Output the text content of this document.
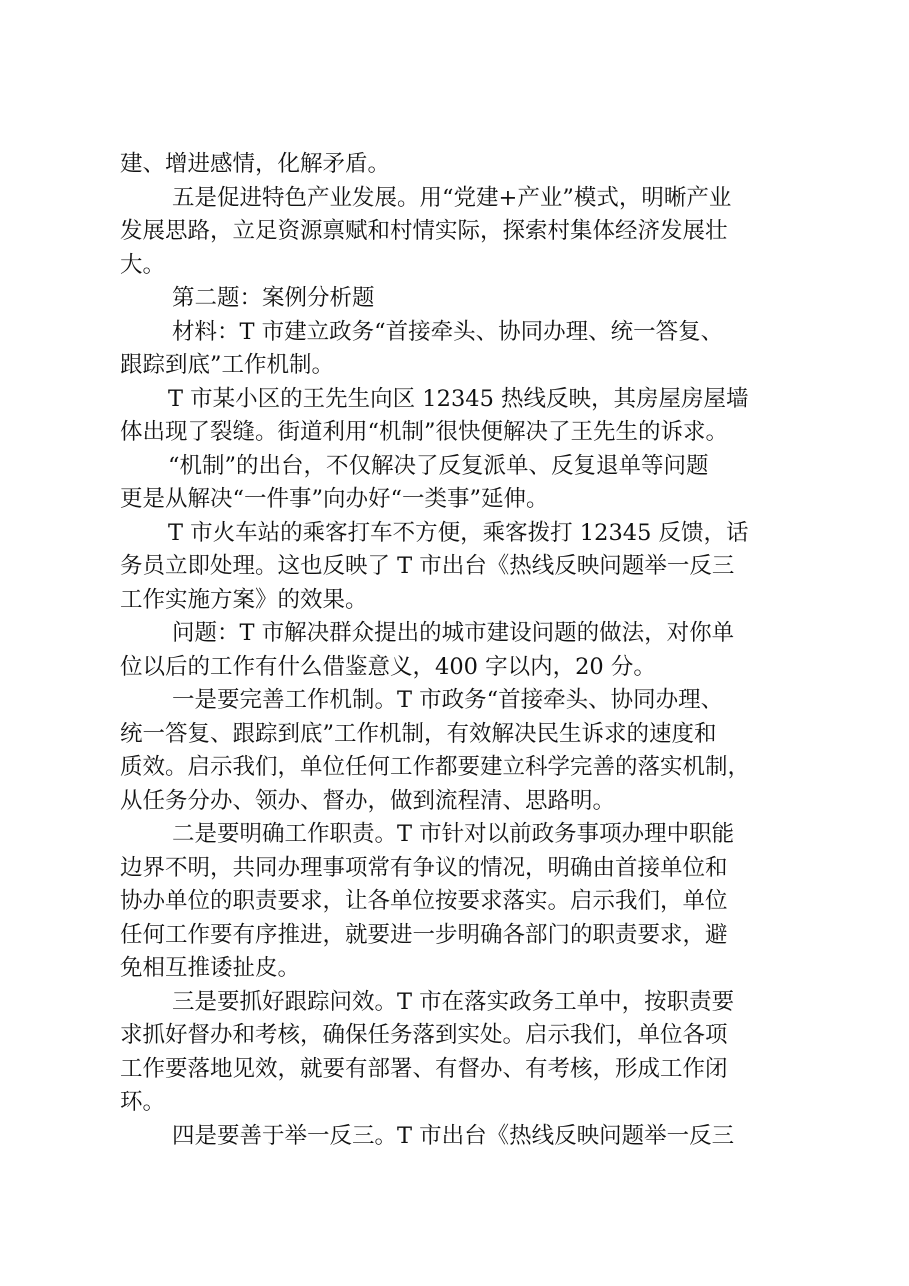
建、增进感情，化解矛盾。
五是促进特色产业发展。用“党建+产业”模式，明晰产业
发展思路，立足资源禀赋和村情实际，探索村集体经济发展壮
大。
第二题：案例分析题
材料：T 市建立政务“首接牵头、协同办理、统一答复、
跟踪到底”工作机制。
T 市某小区的王先生向区 12345 热线反映，其房屋房屋墙
体出现了裂缝。街道利用“机制”很快便解决了王先生的诉求。
“机制”的出台，不仅解决了反复派单、反复退单等问题
更是从解决“一件事”向办好“一类事”延伸。
T 市火车站的乘客打车不方便，乘客拨打 12345 反馈，话
务员立即处理。这也反映了 T 市出台《热线反映问题举一反三
工作实施方案》的效果。
问题：T 市解决群众提出的城市建设问题的做法，对你单
位以后的工作有什么借鉴意义，400 字以内，20 分。
一是要完善工作机制。T 市政务“首接牵头、协同办理、
统一答复、跟踪到底”工作机制，有效解决民生诉求的速度和
质效。启示我们，单位任何工作都要建立科学完善的落实机制，
从任务分办、领办、督办，做到流程清、思路明。
二是要明确工作职责。T 市针对以前政务事项办理中职能
边界不明，共同办理事项常有争议的情况，明确由首接单位和
协办单位的职责要求，让各单位按要求落实。启示我们，单位
任何工作要有序推进，就要进一步明确各部门的职责要求，避
免相互推诿扯皮。
三是要抓好跟踪问效。T 市在落实政务工单中，按职责要
求抓好督办和考核，确保任务落到实处。启示我们，单位各项
工作要落地见效，就要有部署、有督办、有考核，形成工作闭
环。
四是要善于举一反三。T 市出台《热线反映问题举一反三
